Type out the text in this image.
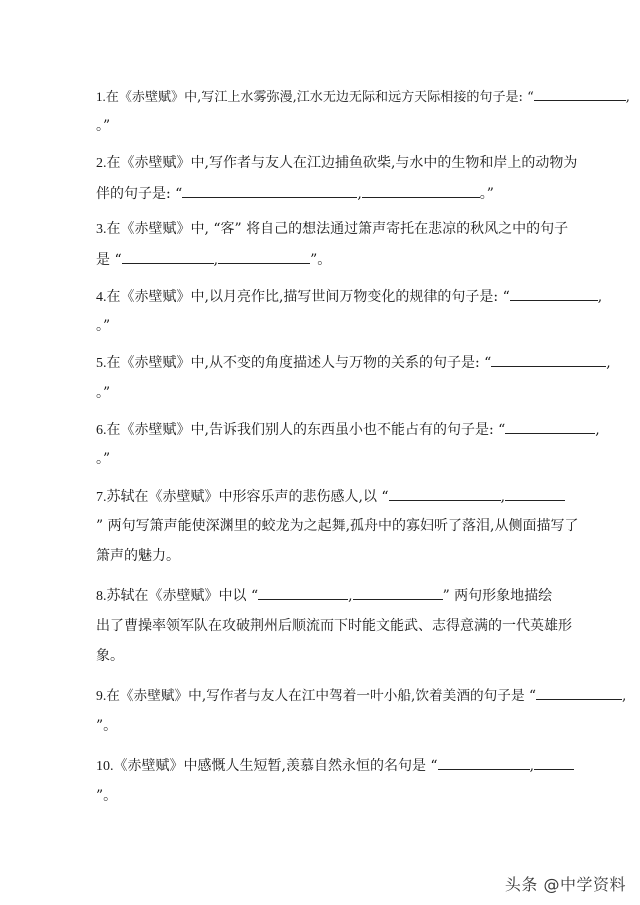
1.在《赤壁赋》中,写江上水雾弥漫,江水无边无际和远方天际相接的句子是: “	,
。”
2.在《赤壁赋》中,写作者与友人在江边捕鱼砍柴,与水中的生物和岸上的动物为
伴的句子是: “	,	。”
3.在《赤壁赋》中, “客” 将自己的想法通过箫声寄托在悲凉的秋风之中的句子
是 “	,	”。
4.在《赤壁赋》中,以月亮作比,描写世间万物变化的规律的句子是: “	,
。”
5.在《赤壁赋》中,从不变的角度描述人与万物的关系的句子是: “	,
。”
6.在《赤壁赋》中,告诉我们别人的东西虽小也不能占有的句子是: “	,
。”
7.苏轼在《赤壁赋》中形容乐声的悲伤感人,以 “	,
” 两句写箫声能使深渊里的蛟龙为之起舞,孤舟中的寡妇听了落泪,从侧面描写了
箫声的魅力。
8.苏轼在《赤壁赋》中以 “	,	” 两句形象地描绘
出了曹操率领军队在攻破荆州后顺流而下时能文能武、志得意满的一代英雄形
象。
9.在《赤壁赋》中,写作者与友人在江中驾着一叶小船,饮着美酒的句子是 “	,
”。
10.《赤壁赋》中感慨人生短暂,羡慕自然永恒的名句是 “	,
”。
头条 @中学资料
